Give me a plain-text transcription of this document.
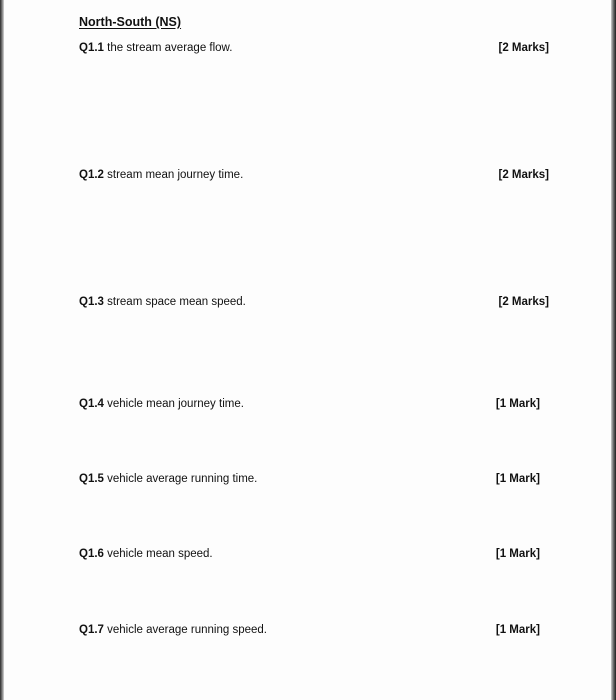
North-South (NS)
Q1.1 the stream average flow.	[2 Marks]
Q1.2 stream mean journey time.	[2 Marks]
Q1.3 stream space mean speed.	[2 Marks]
Q1.4 vehicle mean journey time.	[1 Mark]
Q1.5 vehicle average running time.	[1 Mark]
Q1.6 vehicle mean speed.	[1 Mark]
Q1.7 vehicle average running speed.	[1 Mark]
